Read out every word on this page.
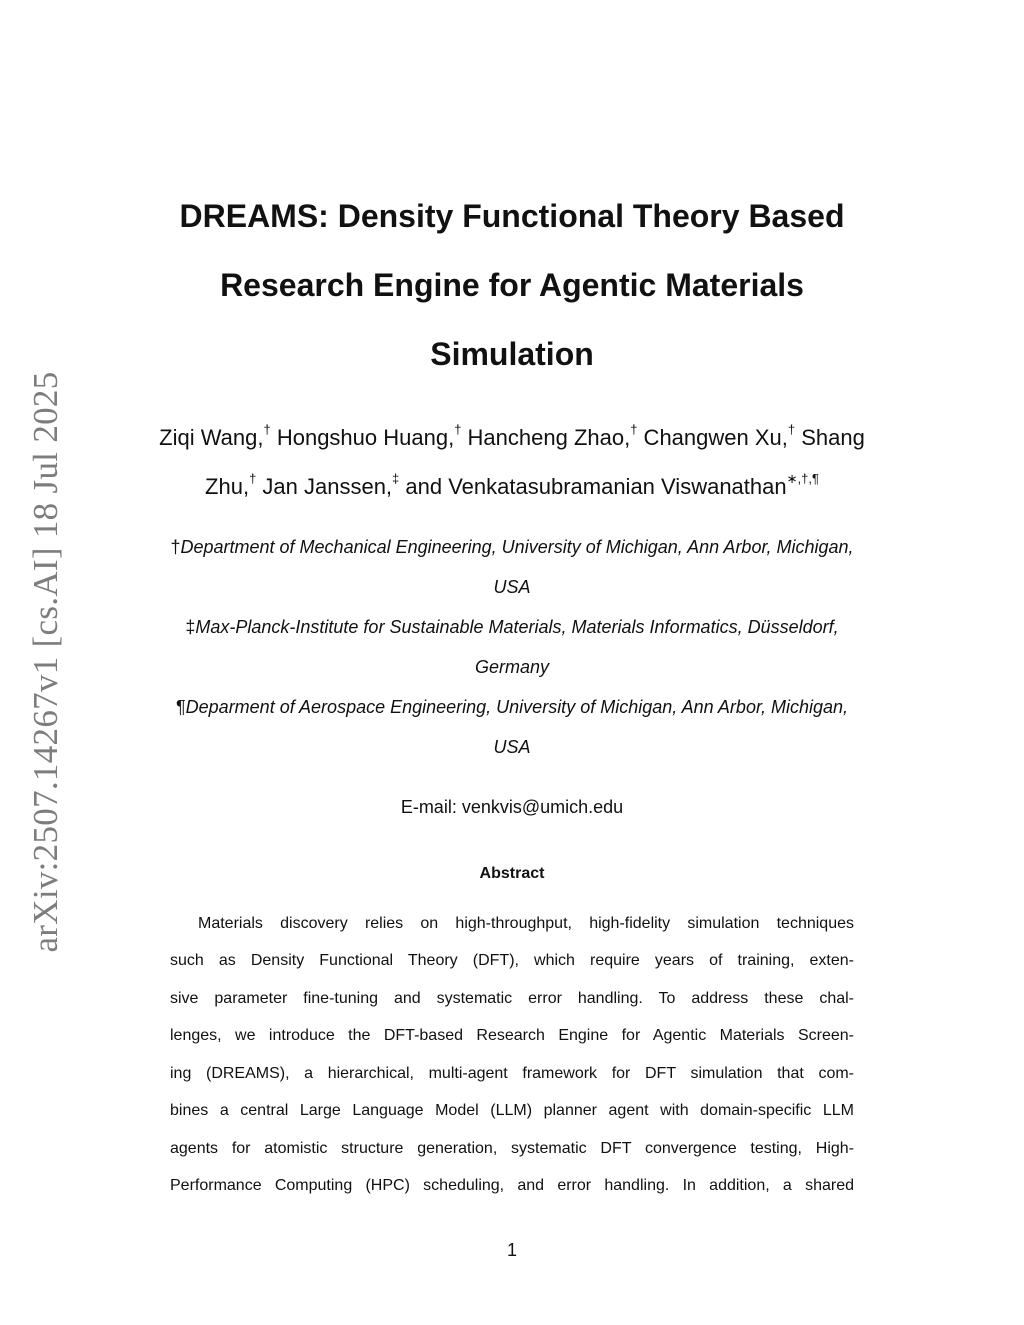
arXiv:2507.14267v1 [cs.AI] 18 Jul 2025
DREAMS: Density Functional Theory Based
Research Engine for Agentic Materials
Simulation
Ziqi Wang,† Hongshuo Huang,† Hancheng Zhao,† Changwen Xu,† Shang
Zhu,† Jan Janssen,‡ and Venkatasubramanian Viswanathan∗,†,¶
†Department of Mechanical Engineering, University of Michigan, Ann Arbor, Michigan,
USA
‡Max-Planck-Institute for Sustainable Materials, Materials Informatics, Düsseldorf,
Germany
¶Deparment of Aerospace Engineering, University of Michigan, Ann Arbor, Michigan,
USA
E-mail: venkvis@umich.edu
Abstract
Materials discovery relies on high-throughput, high-fidelity simulation techniques
such as Density Functional Theory (DFT), which require years of training, exten-
sive parameter fine-tuning and systematic error handling. To address these chal-
lenges, we introduce the DFT-based Research Engine for Agentic Materials Screen-
ing (DREAMS), a hierarchical, multi-agent framework for DFT simulation that com-
bines a central Large Language Model (LLM) planner agent with domain-specific LLM
agents for atomistic structure generation, systematic DFT convergence testing, High-
Performance Computing (HPC) scheduling, and error handling. In addition, a shared
1
